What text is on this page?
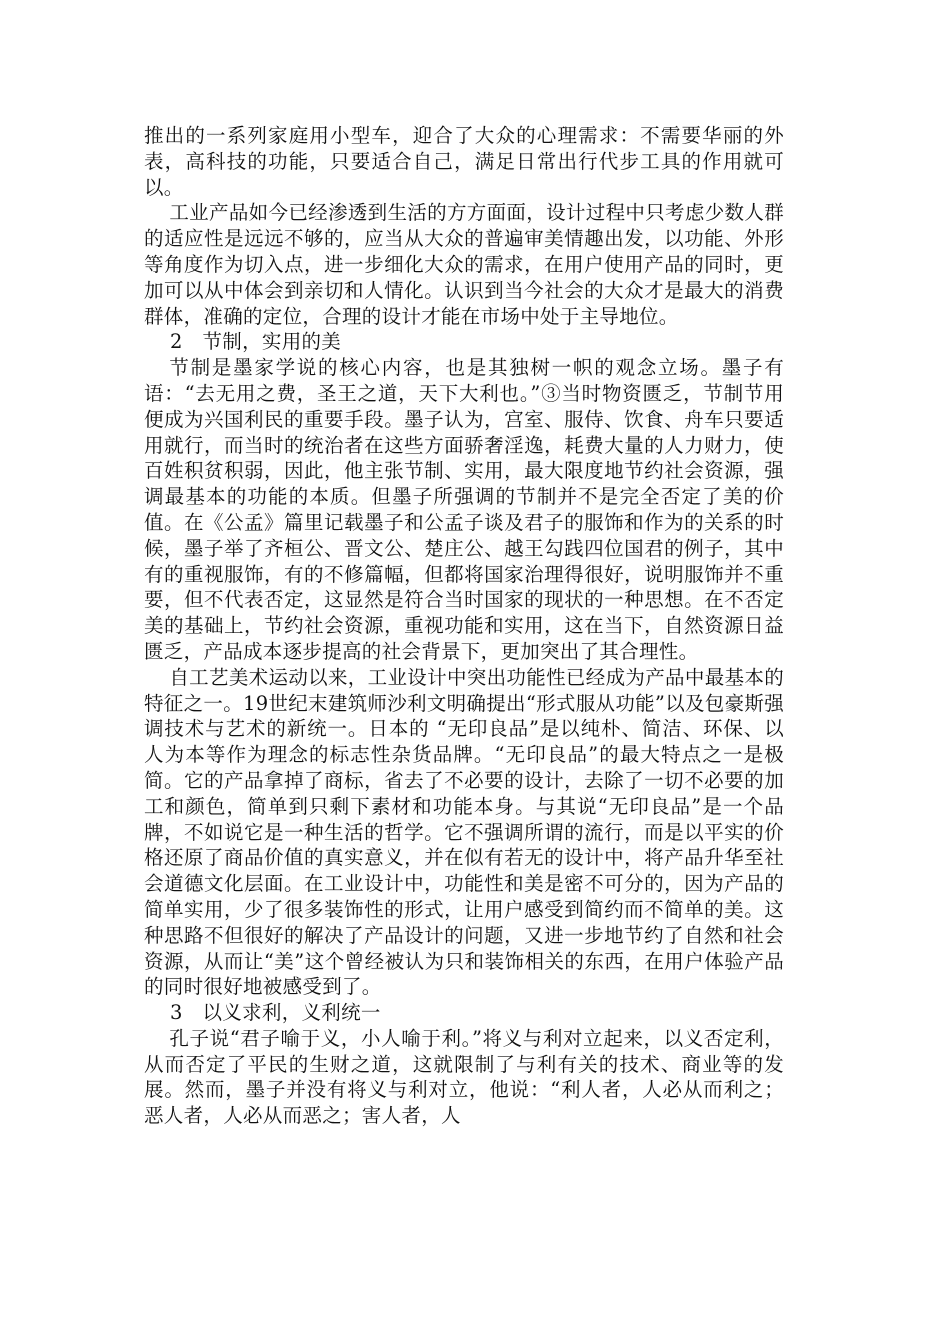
推出的一系列家庭用小型车，迎合了大众的心理需求：不需要华丽的外表，高科技的功能，只要适合自己，满足日常出行代步工具的作用就可以。

工业产品如今已经渗透到生活的方方面面，设计过程中只考虑少数人群的适应性是远远不够的，应当从大众的普遍审美情趣出发，以功能、外形等角度作为切入点，进一步细化大众的需求，在用户使用产品的同时，更加可以从中体会到亲切和人情化。认识到当今社会的大众才是最大的消费群体，准确的定位，合理的设计才能在市场中处于主导地位。

2　节制，实用的美

节制是墨家学说的核心内容，也是其独树一帜的观念立场。墨子有语：“去无用之费，圣王之道，天下大利也。”③当时物资匮乏，节制节用便成为兴国利民的重要手段。墨子认为，宫室、服侍、饮食、舟车只要适用就行，而当时的统治者在这些方面骄奢淫逸，耗费大量的人力财力，使百姓积贫积弱，因此，他主张节制、实用，最大限度地节约社会资源，强调最基本的功能的本质。但墨子所强调的节制并不是完全否定了美的价值。在《公孟》篇里记载墨子和公孟子谈及君子的服饰和作为的关系的时候，墨子举了齐桓公、晋文公、楚庄公、越王勾践四位国君的例子，其中有的重视服饰，有的不修篇幅，但都将国家治理得很好，说明服饰并不重要，但不代表否定，这显然是符合当时国家的现状的一种思想。在不否定美的基础上，节约社会资源，重视功能和实用，这在当下，自然资源日益匮乏，产品成本逐步提高的社会背景下，更加突出了其合理性。

自工艺美术运动以来，工业设计中突出功能性已经成为产品中最基本的特征之一。19世纪末建筑师沙利文明确提出“形式服从功能”以及包豪斯强调技术与艺术的新统一。日本的 “无印良品”是以纯朴、简洁、环保、以人为本等作为理念的标志性杂货品牌。“无印良品”的最大特点之一是极简。它的产品拿掉了商标，省去了不必要的设计，去除了一切不必要的加工和颜色，简单到只剩下素材和功能本身。与其说“无印良品”是一个品牌，不如说它是一种生活的哲学。它不强调所谓的流行，而是以平实的价格还原了商品价值的真实意义，并在似有若无的设计中，将产品升华至社会道德文化层面。在工业设计中，功能性和美是密不可分的，因为产品的简单实用，少了很多装饰性的形式，让用户感受到简约而不简单的美。这种思路不但很好的解决了产品设计的问题，又进一步地节约了自然和社会资源，从而让“美”这个曾经被认为只和装饰相关的东西，在用户体验产品的同时很好地被感受到了。

3　以义求利，义利统一

孔子说“君子喻于义，小人喻于利。”将义与利对立起来，以义否定利，从而否定了平民的生财之道，这就限制了与利有关的技术、商业等的发展。然而，墨子并没有将义与利对立，他说：“利人者，人必从而利之；恶人者，人必从而恶之；害人者，人
